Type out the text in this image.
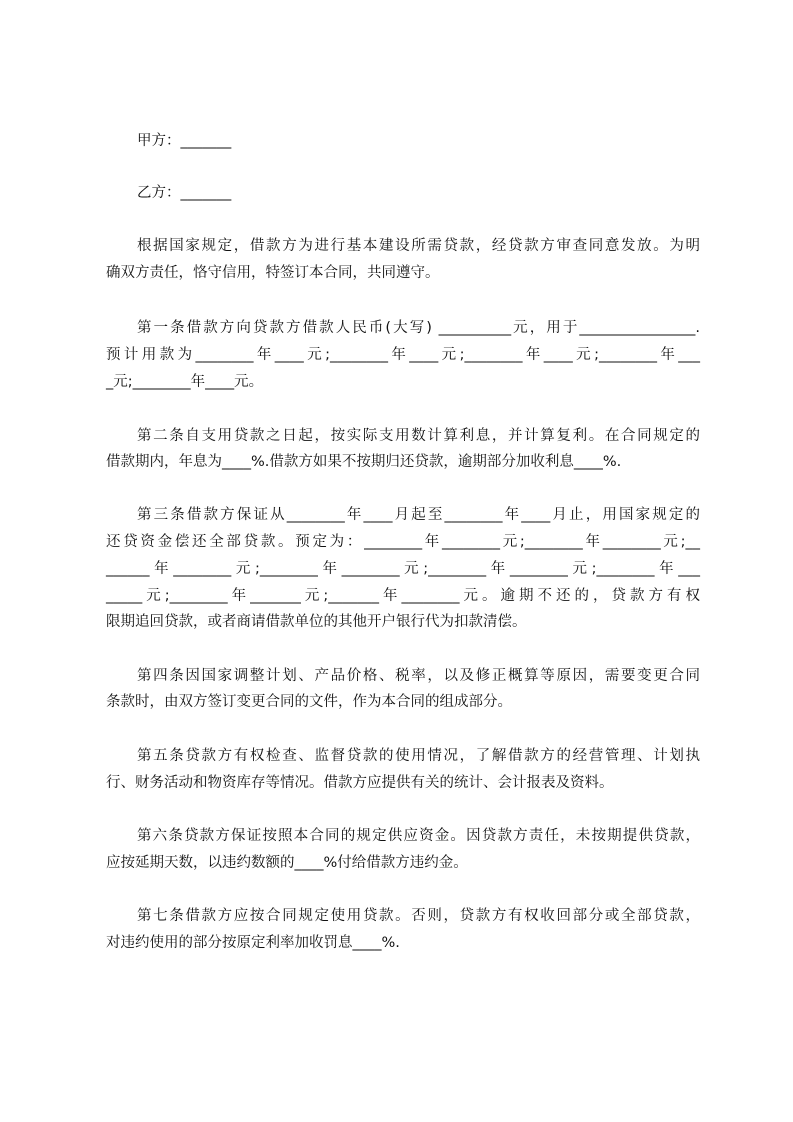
甲方：_______
乙方：_______
根据国家规定，借款方为进行基本建设所需贷款，经贷款方审查同意发放。为明
确双方责任，恪守信用，特签订本合同，共同遵守。
第一条借款方向贷款方借款人民币(大写) __________元，用于________________.
预计用款为________年____元;________年____元;________年____元;________年___
_元;________年____元。
第二条自支用贷款之日起，按实际支用数计算利息，并计算复利。在合同规定的
借款期内，年息为____%.借款方如果不按期归还贷款，逾期部分加收利息____%.
第三条借款方保证从________年____月起至________年____月止，用国家规定的
还贷资金偿还全部贷款。预定为：________年________元;________年________元;__
______年________元;________年________元;________年________元;________年___
_____元;________年_______元;_______年________元。逾期不还的，贷款方有权
限期追回贷款，或者商请借款单位的其他开户银行代为扣款清偿。
第四条因国家调整计划、产品价格、税率，以及修正概算等原因，需要变更合同
条款时，由双方签订变更合同的文件，作为本合同的组成部分。
第五条贷款方有权检查、监督贷款的使用情况，了解借款方的经营管理、计划执
行、财务活动和物资库存等情况。借款方应提供有关的统计、会计报表及资料。
第六条贷款方保证按照本合同的规定供应资金。因贷款方责任，未按期提供贷款，
应按延期天数，以违约数额的____%付给借款方违约金。
第七条借款方应按合同规定使用贷款。否则，贷款方有权收回部分或全部贷款，
对违约使用的部分按原定利率加收罚息____%.
